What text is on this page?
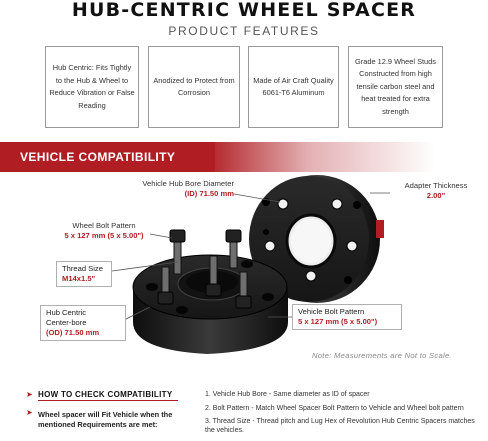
HUB-CENTRIC WHEEL SPACER
PRODUCT FEATURES
Hub Centric: Fits Tightly to the Hub & Wheel to Reduce Vibration or False Reading
Anodized to Protect from Corrosion
Made of Air Craft Quality 6061-T6 Aluminum
Grade 12.9 Wheel Studs Constructed from high tensile carbon steel and heat treated for extra strength
VEHICLE COMPATIBILITY
Vehicle Hub Bore Diameter
(ID) 71.50 mm
Adapter Thickness
2.00"
Wheel Bolt Pattern
5 x 127 mm (5 x 5.00")
Thread Size
M14x1.5"
Hub Centric
Center-bore
(OD) 71.50 mm
Vehicle Bolt Pattern
5 x 127 mm (5 x 5.00")
Note: Measurements are Not to Scale
➤ HOW TO CHECK COMPATIBILITY
➤ Wheel spacer will Fit Vehicle when the mentioned Requirements are met:
1. Vehicle Hub Bore - Same diameter as ID of spacer
2. Bolt Pattern - Match Wheel Spacer Bolt Pattern to Vehicle and Wheel bolt pattern
3. Thread Size - Thread pitch and Lug Hex of Revolution Hub Centric Spacers matches the vehicles.
